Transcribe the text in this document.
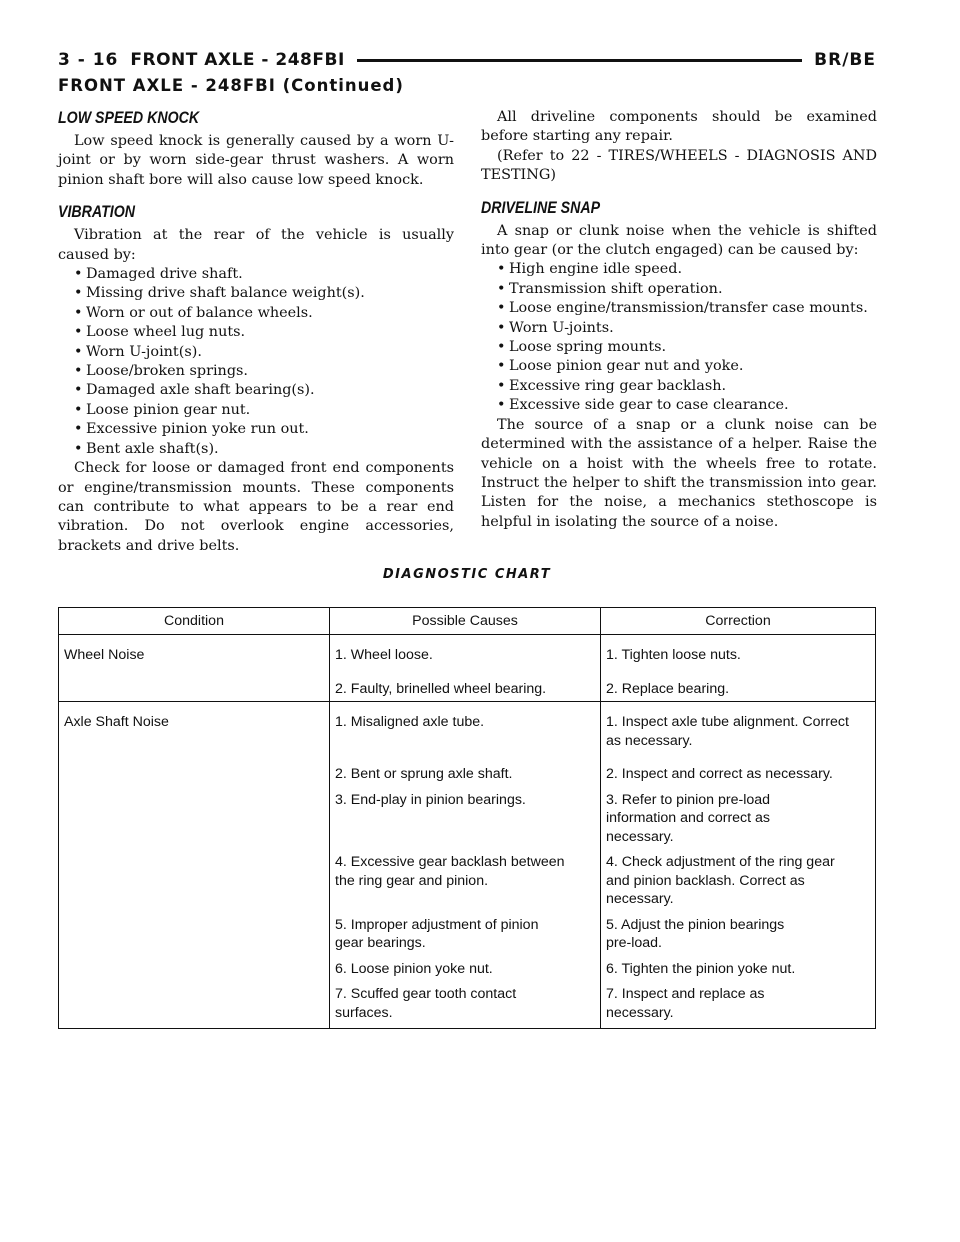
3 - 16 FRONT AXLE - 248FBI	BR/BE
FRONT AXLE - 248FBI (Continued)
LOW SPEED KNOCK

Low speed knock is generally caused by a worn U-joint or by worn side-gear thrust washers. A worn pinion shaft bore will also cause low speed knock.

VIBRATION

Vibration at the rear of the vehicle is usually caused by:

• Damaged drive shaft.
• Missing drive shaft balance weight(s).
• Worn or out of balance wheels.
• Loose wheel lug nuts.
• Worn U-joint(s).
• Loose/broken springs.
• Damaged axle shaft bearing(s).
• Loose pinion gear nut.
• Excessive pinion yoke run out.
• Bent axle shaft(s).

Check for loose or damaged front end components or engine/transmission mounts. These components can contribute to what appears to be a rear end vibration. Do not overlook engine accessories, brackets and drive belts.

All driveline components should be examined before starting any repair.

(Refer to 22 - TIRES/WHEELS - DIAGNOSIS AND TESTING)

DRIVELINE SNAP

A snap or clunk noise when the vehicle is shifted into gear (or the clutch engaged) can be caused by:

• High engine idle speed.
• Transmission shift operation.
• Loose engine/transmission/transfer case mounts.
• Worn U-joints.
• Loose spring mounts.
• Loose pinion gear nut and yoke.
• Excessive ring gear backlash.
• Excessive side gear to case clearance.

The source of a snap or a clunk noise can be determined with the assistance of a helper. Raise the vehicle on a hoist with the wheels free to rotate. Instruct the helper to shift the transmission into gear. Listen for the noise, a mechanics stethoscope is helpful in isolating the source of a noise.

DIAGNOSTIC CHART
Condition	Possible Causes	Correction
Wheel Noise	1. Wheel loose.	1. Tighten loose nuts.
	2. Faulty, brinelled wheel bearing.	2. Replace bearing.
Axle Shaft Noise	1. Misaligned axle tube.	1. Inspect axle tube alignment. Correct as necessary.
	2. Bent or sprung axle shaft.	2. Inspect and correct as necessary.
	3. End-play in pinion bearings.	3. Refer to pinion pre-load information and correct as necessary.
	4. Excessive gear backlash between the ring gear and pinion.	4. Check adjustment of the ring gear and pinion backlash. Correct as necessary.
	5. Improper adjustment of pinion gear bearings.	5. Adjust the pinion bearings pre-load.
	6. Loose pinion yoke nut.	6. Tighten the pinion yoke nut.
	7. Scuffed gear tooth contact surfaces.	7. Inspect and replace as necessary.
